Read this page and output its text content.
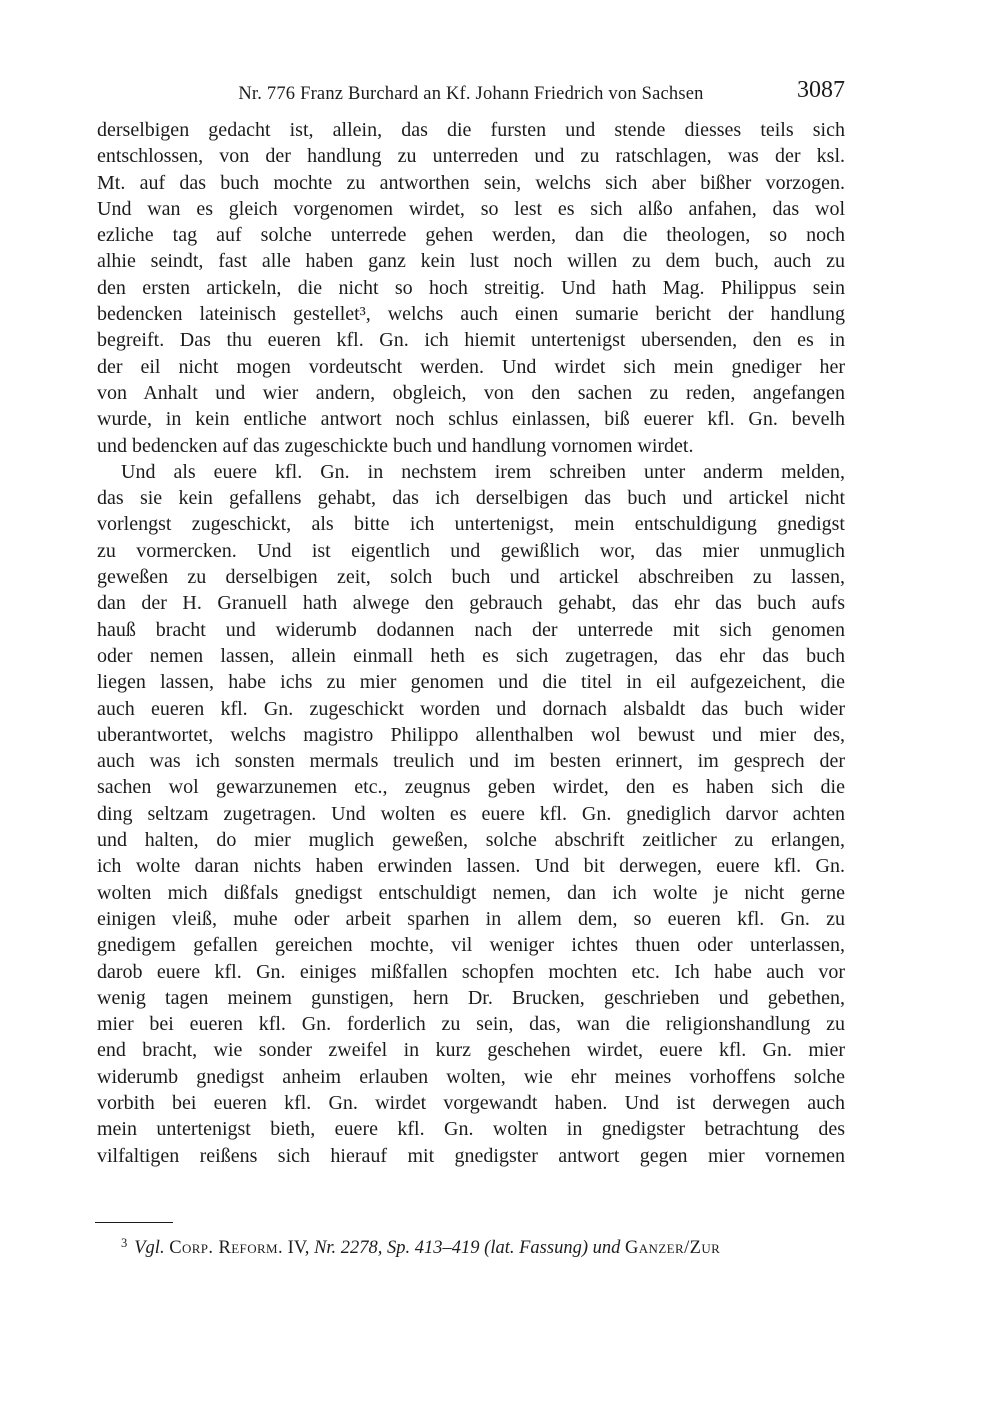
Nr. 776 Franz Burchard an Kf. Johann Friedrich von Sachsen	3087
derselbigen gedacht ist, allein, das die fursten und stende diesses teils sich
entschlossen, von der handlung zu unterreden und zu ratschlagen, was der ksl.
Mt. auf das buch mochte zu antworthen sein, welchs sich aber bißher vorzogen.
Und wan es gleich vorgenomen wirdet, so lest es sich alßo anfahen, das wol
ezliche tag auf solche unterrede gehen werden, dan die theologen, so noch
alhie seindt, fast alle haben ganz kein lust noch willen zu dem buch, auch zu
den ersten artickeln, die nicht so hoch streitig. Und hath Mag. Philippus sein
bedencken lateinisch gestellet³, welchs auch einen sumarie bericht der handlung
begreift. Das thu eueren kfl. Gn. ich hiemit untertenigst ubersenden, den es in
der eil nicht mogen vordeutscht werden. Und wirdet sich mein gnediger her
von Anhalt und wier andern, obgleich, von den sachen zu reden, angefangen
wurde, in kein entliche antwort noch schlus einlassen, biß euerer kfl. Gn. bevelh
und bedencken auf das zugeschickte buch und handlung vornomen wirdet.
Und als euere kfl. Gn. in nechstem irem schreiben unter anderm melden,
das sie kein gefallens gehabt, das ich derselbigen das buch und artickel nicht
vorlengst zugeschickt, als bitte ich untertenigst, mein entschuldigung gnedigst
zu vormercken. Und ist eigentlich und gewißlich wor, das mier unmuglich
geweßen zu derselbigen zeit, solch buch und artickel abschreiben zu lassen,
dan der H. Granuell hath alwege den gebrauch gehabt, das ehr das buch aufs
hauß bracht und widerumb dodannen nach der unterrede mit sich genomen
oder nemen lassen, allein einmall heth es sich zugetragen, das ehr das buch
liegen lassen, habe ichs zu mier genomen und die titel in eil aufgezeichent, die
auch eueren kfl. Gn. zugeschickt worden und dornach alsbaldt das buch wider
uberantwortet, welchs magistro Philippo allenthalben wol bewust und mier des,
auch was ich sonsten mermals treulich und im besten erinnert, im gesprech der
sachen wol gewarzunemen etc., zeugnus geben wirdet, den es haben sich die
ding seltzam zugetragen. Und wolten es euere kfl. Gn. gnediglich darvor achten
und halten, do mier muglich geweßen, solche abschrift zeitlicher zu erlangen,
ich wolte daran nichts haben erwinden lassen. Und bit derwegen, euere kfl. Gn.
wolten mich dißfals gnedigst entschuldigt nemen, dan ich wolte je nicht gerne
einigen vleiß, muhe oder arbeit sparhen in allem dem, so eueren kfl. Gn. zu
gnedigem gefallen gereichen mochte, vil weniger ichtes thuen oder unterlassen,
darob euere kfl. Gn. einiges mißfallen schopfen mochten etc. Ich habe auch vor
wenig tagen meinem gunstigen, hern Dr. Brucken, geschrieben und gebethen,
mier bei eueren kfl. Gn. forderlich zu sein, das, wan die religionshandlung zu
end bracht, wie sonder zweifel in kurz geschehen wirdet, euere kfl. Gn. mier
widerumb gnedigst anheim erlauben wolten, wie ehr meines vorhoffens solche
vorbith bei eueren kfl. Gn. wirdet vorgewandt haben. Und ist derwegen auch
mein untertenigst bieth, euere kfl. Gn. wolten in gnedigster betrachtung des
vilfaltigen reißens sich hierauf mit gnedigster antwort gegen mier vornemen
$^3$ Vgl. Corp. Reform. IV, Nr. 2278, Sp. 413–419 (lat. Fassung) und Ganzer/Zur
